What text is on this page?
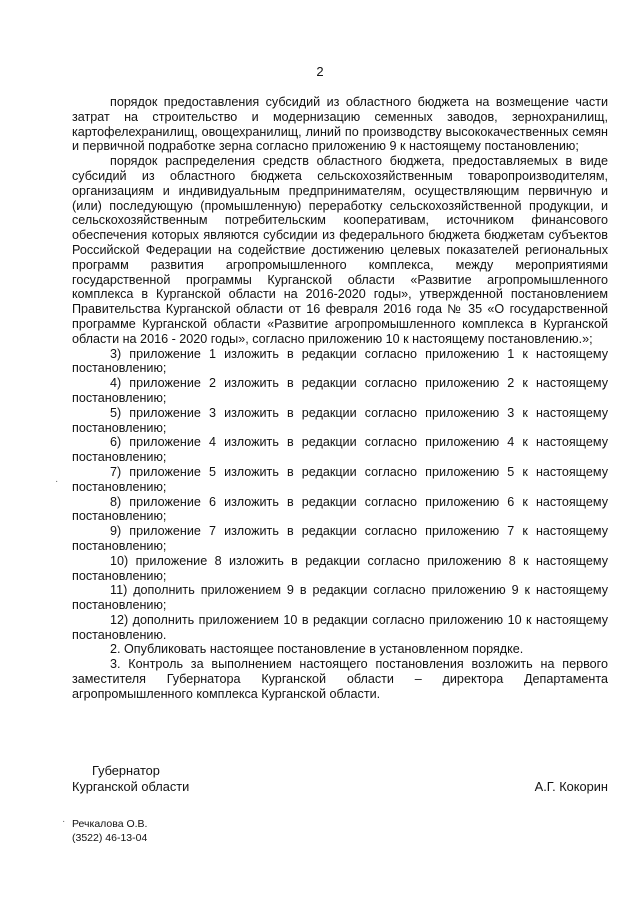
2

порядок предоставления субсидий из областного бюджета на возмещение части затрат на строительство и модернизацию семенных заводов, зернохранилищ, картофелехранилищ, овощехранилищ, линий по производству высококачественных семян и первичной подработке зерна согласно приложению 9 к настоящему постановлению;

порядок распределения средств областного бюджета, предоставляемых в виде субсидий из областного бюджета сельскохозяйственным товаропроизводителям, организациям и индивидуальным предпринимателям, осуществляющим первичную и (или) последующую (промышленную) переработку сельскохозяйственной продукции, и сельскохозяйственным потребительским кооперативам, источником финансового обеспечения которых являются субсидии из федерального бюджета бюджетам субъектов Российской Федерации на содействие достижению целевых показателей региональных программ развития агропромышленного комплекса, между мероприятиями государственной программы Курганской области «Развитие агропромышленного комплекса в Курганской области на 2016-2020 годы», утвержденной постановлением Правительства Курганской области от 16 февраля 2016 года № 35 «О государственной программе Курганской области «Развитие агропромышленного комплекса в Курганской области на 2016 - 2020 годы», согласно приложению 10 к настоящему постановлению.»;

3) приложение 1 изложить в редакции согласно приложению 1 к настоящему постановлению;

4) приложение 2 изложить в редакции согласно приложению 2 к настоящему постановлению;

5) приложение 3 изложить в редакции согласно приложению 3 к настоящему постановлению;

6) приложение 4 изложить в редакции согласно приложению 4 к настоящему постановлению;

7) приложение 5 изложить в редакции согласно приложению 5 к настоящему постановлению;

8) приложение 6 изложить в редакции согласно приложению 6 к настоящему постановлению;

9) приложение 7 изложить в редакции согласно приложению 7 к настоящему постановлению;

10) приложение 8 изложить в редакции согласно приложению 8 к настоящему постановлению;

11) дополнить приложением 9 в редакции согласно приложению 9 к настоящему постановлению;

12) дополнить приложением 10 в редакции согласно приложению 10 к настоящему постановлению.

2. Опубликовать настоящее постановление в установленном порядке.

3. Контроль за выполнением настоящего постановления возложить на первого заместителя Губернатора Курганской области – директора Департамента агропромышленного комплекса Курганской области.

Губернатор
Курганской области	А.Г. Кокорин
·
· Речкалова О.В.
(3522) 46-13-04
